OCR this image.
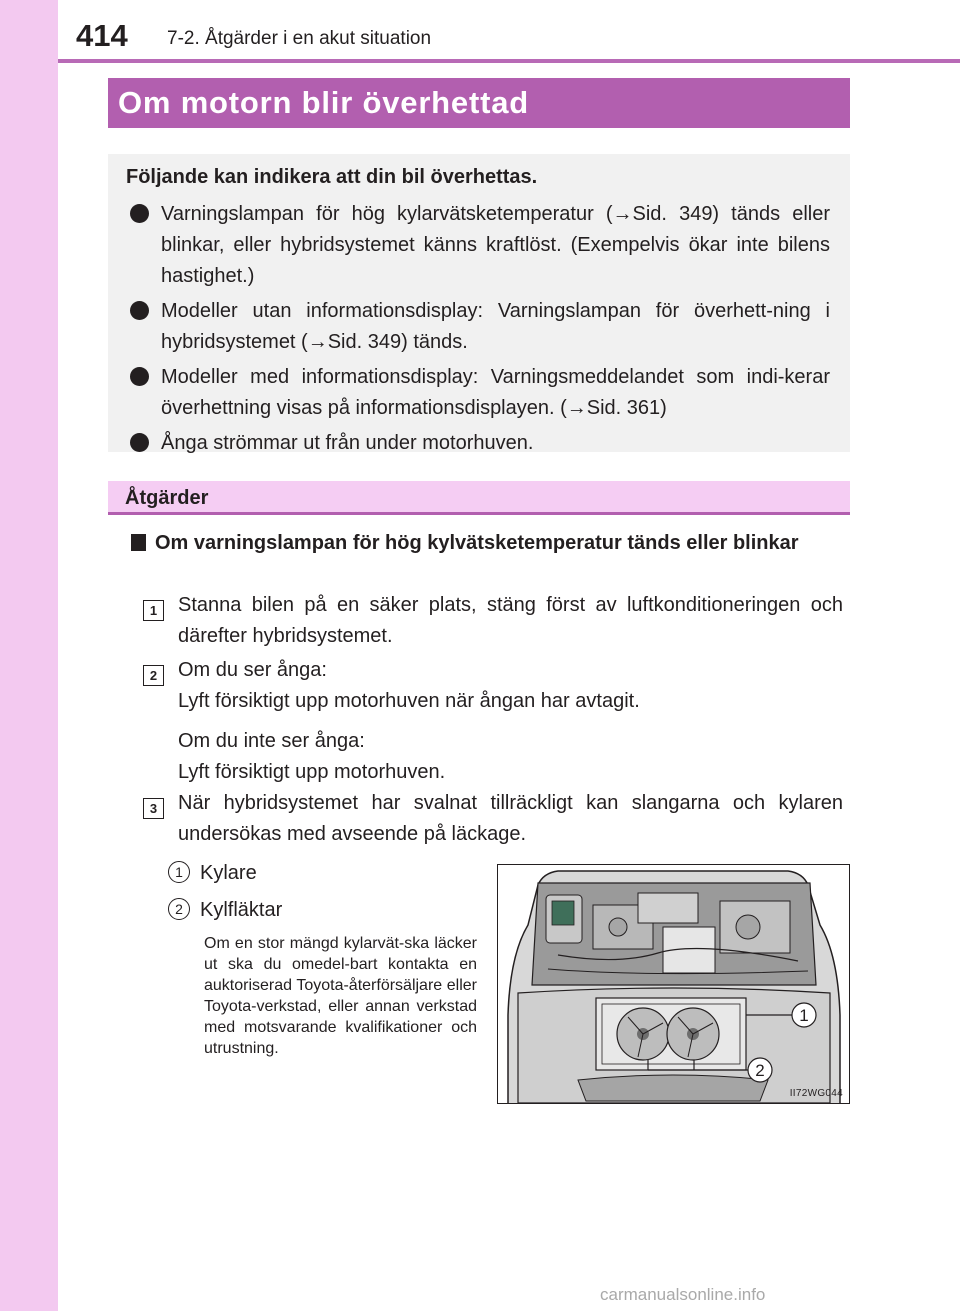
414 7-2. Åtgärder i en akut situation
Om motorn blir överhettad
Följande kan indikera att din bil överhettas.
Varningslampan för hög kylarvätsketemperatur (→Sid. 349) tänds eller blinkar, eller hybridsystemet känns kraftlöst. (Exempelvis ökar inte bilens hastighet.)
Modeller utan informationsdisplay: Varningslampan för överhett-ning i hybridsystemet (→Sid. 349) tänds.
Modeller med informationsdisplay: Varningsmeddelandet som indi-kerar överhettning visas på informationsdisplayen. (→Sid. 361)
Ånga strömmar ut från under motorhuven.
Åtgärder
Om varningslampan för hög kylvätsketemperatur tänds eller blinkar
1	Stanna bilen på en säker plats, stäng först av luftkonditioneringen och därefter hybridsystemet.
2	Om du ser ånga:
Lyft försiktigt upp motorhuven när ångan har avtagit.
Om du inte ser ånga:
Lyft försiktigt upp motorhuven.
3	När hybridsystemet har svalnat tillräckligt kan slangarna och kylaren undersökas med avseende på läckage.
1 Kylare
2 Kylfläktar
Om en stor mängd kylarvät-ska läcker ut ska du omedel-bart kontakta en auktoriserad Toyota-återförsäljare eller Toyota-verkstad, eller annan verkstad med motsvarande kvalifikationer och utrustning.
1
2
II72WG044
carmanualsonline.info
